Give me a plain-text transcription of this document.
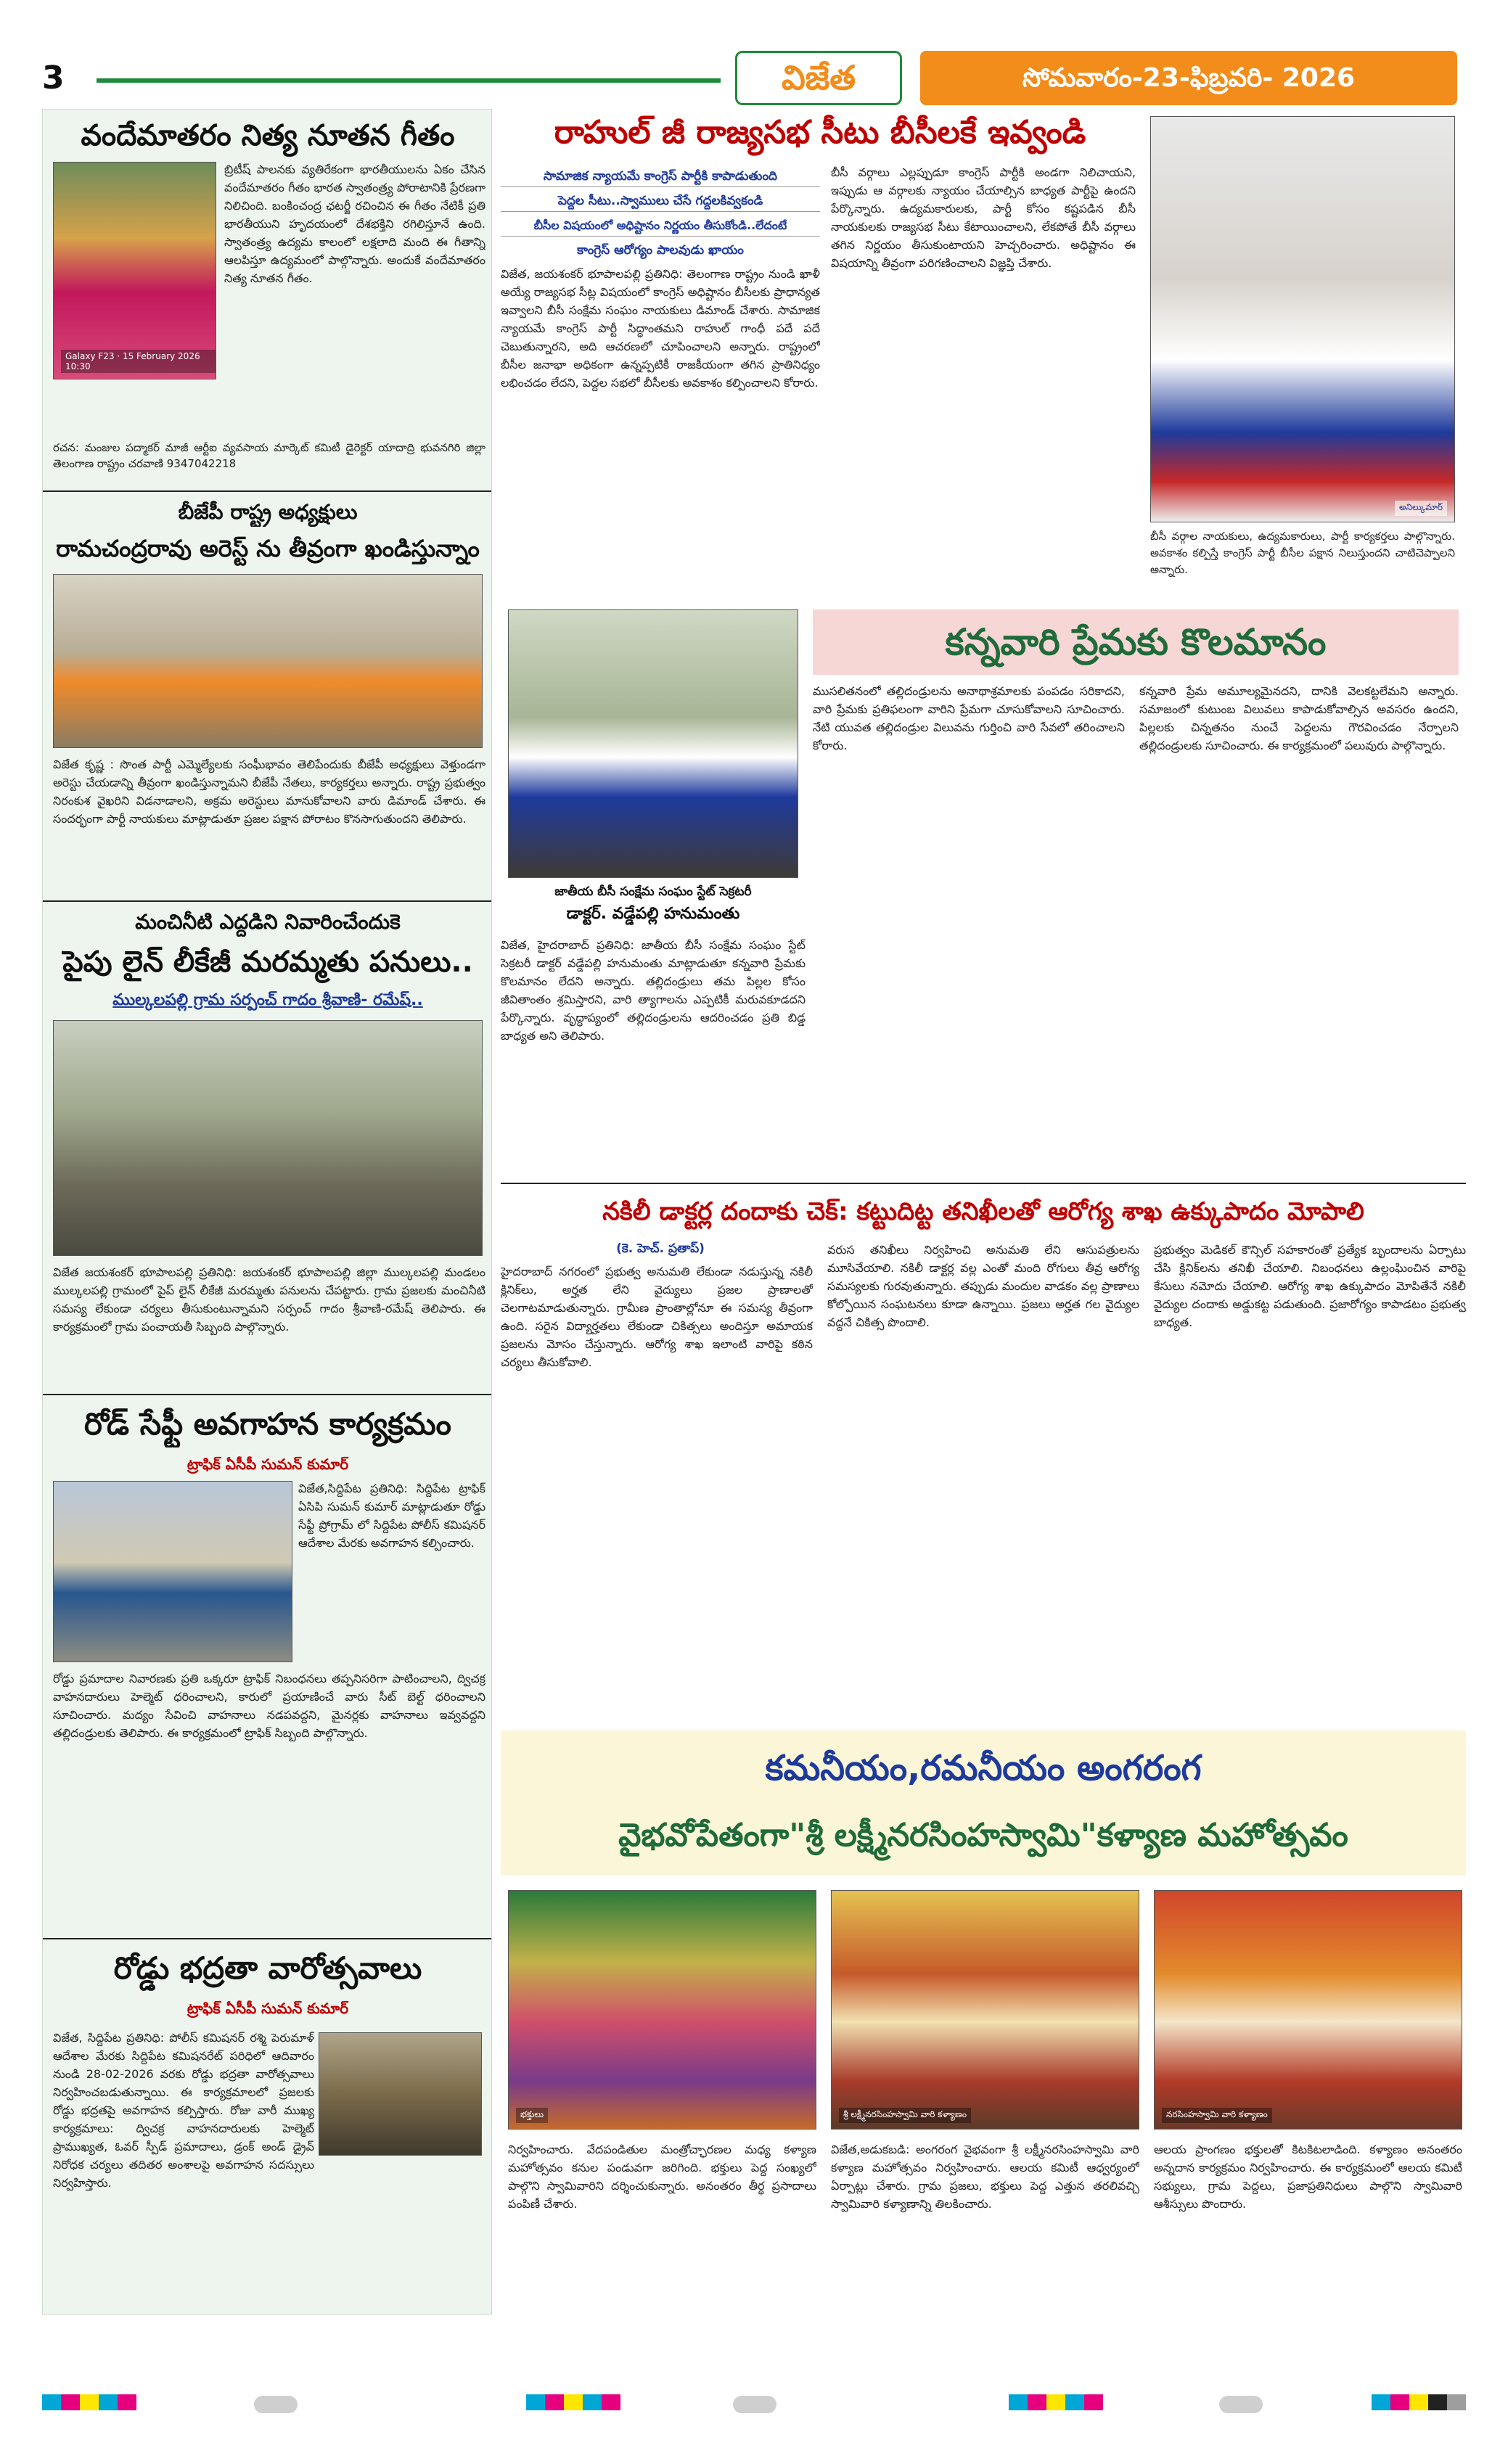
3	విజేత	సోమవారం-23-ఫిబ్రవరి- 2026
వందేమాతరం నిత్య నూతన గీతం
Galaxy F23 · 15 February 2026 10:30
బ్రిటీష్ పాలనకు వ్యతిరేకంగా భారతీయులను ఏకం చేసిన వందేమాతరం గీతం భారత స్వాతంత్ర్య పోరాటానికి ప్రేరణగా నిలిచింది. బంకించంద్ర ఛటర్జీ రచించిన ఈ గీతం నేటికీ ప్రతి భారతీయుని హృదయంలో దేశభక్తిని రగిలిస్తూనే ఉంది. స్వాతంత్ర్య ఉద్యమ కాలంలో లక్షలాది మంది ఈ గీతాన్ని ఆలపిస్తూ ఉద్యమంలో పాల్గొన్నారు. అందుకే వందేమాతరం నిత్య నూతన గీతం.
రచన: మంజుల పద్మాకర్ మాజీ ఆర్టీఐ వ్యవసాయ మార్కెట్ కమిటీ డైరెక్టర్ యాదాద్రి భువనగిరి జిల్లా తెలంగాణ రాష్ట్రం చరవాణి 9347042218
బీజేపీ రాష్ట్ర అధ్యక్షులు
రామచంద్రరావు అరెస్ట్ ను తీవ్రంగా ఖండిస్తున్నాం
విజేత కృష్ణ : సొంత పార్టీ ఎమ్మెల్యేలకు సంఘీభావం తెలిపేందుకు బీజేపీ అధ్యక్షులు వెళ్తుండగా అరెస్టు చేయడాన్ని తీవ్రంగా ఖండిస్తున్నామని బీజేపీ నేతలు, కార్యకర్తలు అన్నారు. రాష్ట్ర ప్రభుత్వం నిరంకుశ వైఖరిని విడనాడాలని, అక్రమ అరెస్టులు మానుకోవాలని వారు డిమాండ్ చేశారు. ఈ సందర్భంగా పార్టీ నాయకులు మాట్లాడుతూ ప్రజల పక్షాన పోరాటం కొనసాగుతుందని తెలిపారు.
మంచినీటి ఎద్దడిని నివారించేందుకె
పైపు లైన్ లీకేజీ మరమ్మతు పనులు..
ముల్కలపల్లి గ్రామ సర్పంచ్ గాదం శ్రీవాణి- రమేష్..
విజేత జయశంకర్ భూపాలపల్లి ప్రతినిధి: జయశంకర్ భూపాలపల్లి జిల్లా ముల్కలపల్లి మండలం ముల్కలపల్లి గ్రామంలో పైప్ లైన్ లీకేజీ మరమ్మతు పనులను చేపట్టారు. గ్రామ ప్రజలకు మంచినీటి సమస్య లేకుండా చర్యలు తీసుకుంటున్నామని సర్పంచ్ గాదం శ్రీవాణి-రమేష్ తెలిపారు. ఈ కార్యక్రమంలో గ్రామ పంచాయతీ సిబ్బంది పాల్గొన్నారు.
రోడ్ సేఫ్టీ అవగాహన కార్యక్రమం
ట్రాఫిక్ ఏసీపీ సుమన్ కుమార్
విజేత,సిద్దిపేట ప్రతినిధి: సిద్దిపేట ట్రాఫిక్ ఏసిపి సుమన్ కుమార్ మాట్లాడుతూ రోడ్డు సేఫ్టీ ప్రోగ్రామ్ లో సిద్దిపేట పోలీస్ కమిషనర్ ఆదేశాల మేరకు అవగాహన కల్పించారు.
రోడ్డు ప్రమాదాల నివారణకు ప్రతి ఒక్కరూ ట్రాఫిక్ నిబంధనలు తప్పనిసరిగా పాటించాలని, ద్విచక్ర వాహనదారులు హెల్మెట్ ధరించాలని, కారులో ప్రయాణించే వారు సీట్ బెల్ట్ ధరించాలని సూచించారు. మద్యం సేవించి వాహనాలు నడపవద్దని, మైనర్లకు వాహనాలు ఇవ్వవద్దని తల్లిదండ్రులకు తెలిపారు. ఈ కార్యక్రమంలో ట్రాఫిక్ సిబ్బంది పాల్గొన్నారు.
రోడ్డు భద్రతా వారోత్సవాలు
ట్రాఫిక్ ఏసీపీ సుమన్ కుమార్
విజేత, సిద్దిపేట ప్రతినిధి: పోలీస్ కమిషనర్ రశ్మి పెరుమాళ్ ఆదేశాల మేరకు సిద్దిపేట కమిషనరేట్ పరిధిలో ఆదివారం నుండి 28-02-2026 వరకు రోడ్డు భద్రతా వారోత్సవాలు నిర్వహించబడుతున్నాయి. ఈ కార్యక్రమాలలో ప్రజలకు రోడ్డు భద్రతపై అవగాహన కల్పిస్తారు. రోజు వారీ ముఖ్య కార్యక్రమాలు: ద్విచక్ర వాహనదారులకు హెల్మెట్ ప్రాముఖ్యత, ఓవర్ స్పీడ్ ప్రమాదాలు, డ్రంక్ అండ్ డ్రైవ్ నిరోధక చర్యలు తదితర అంశాలపై అవగాహన సదస్సులు నిర్వహిస్తారు.
రాహుల్ జీ రాజ్యసభ సీటు బీసీలకే ఇవ్వండి
సామాజిక న్యాయమే కాంగ్రెస్ పార్టీకి కాపాడుతుంది
పెద్దల సీటు..స్వాములు చేసే గద్దలకివ్వకండి
బీసీల విషయంలో అధిష్టానం నిర్ణయం తీసుకోండి..లేదంటే
కాంగ్రెస్ ఆరోగ్యం పాలవుడు ఖాయం
విజేత, జయశంకర్ భూపాలపల్లి ప్రతినిధి: తెలంగాణ రాష్ట్రం నుండి ఖాళీ అయ్యే రాజ్యసభ సీట్ల విషయంలో కాంగ్రెస్ అధిష్టానం బీసీలకు ప్రాధాన్యత ఇవ్వాలని బీసీ సంక్షేమ సంఘం నాయకులు డిమాండ్ చేశారు. సామాజిక న్యాయమే కాంగ్రెస్ పార్టీ సిద్ధాంతమని రాహుల్ గాంధీ పదే పదే చెబుతున్నారని, అది ఆచరణలో చూపించాలని అన్నారు. రాష్ట్రంలో బీసీల జనాభా అధికంగా ఉన్నప్పటికీ రాజకీయంగా తగిన ప్రాతినిధ్యం లభించడం లేదని, పెద్దల సభలో బీసీలకు అవకాశం కల్పించాలని కోరారు.
బీసీ వర్గాలు ఎల్లప్పుడూ కాంగ్రెస్ పార్టీకి అండగా నిలిచాయని, ఇప్పుడు ఆ వర్గాలకు న్యాయం చేయాల్సిన బాధ్యత పార్టీపై ఉందని పేర్కొన్నారు. ఉద్యమకారులకు, పార్టీ కోసం కష్టపడిన బీసీ నాయకులకు రాజ్యసభ సీటు కేటాయించాలని, లేకపోతే బీసీ వర్గాలు తగిన నిర్ణయం తీసుకుంటాయని హెచ్చరించారు. అధిష్టానం ఈ విషయాన్ని తీవ్రంగా పరిగణించాలని విజ్ఞప్తి చేశారు.
అనిల్కుమార్
బీసీ వర్గాల నాయకులు, ఉద్యమకారులు, పార్టీ కార్యకర్తలు పాల్గొన్నారు. అవకాశం కల్పిస్తే కాంగ్రెస్ పార్టీ బీసీల పక్షాన నిలుస్తుందని చాటిచెప్పాలని అన్నారు.
జాతీయ బీసీ సంక్షేమ సంఘం స్టేట్ సెక్రటరీ
డాక్టర్. వడ్డేపల్లి హనుమంతు
విజేత, హైదరాబాద్ ప్రతినిధి: జాతీయ బీసీ సంక్షేమ సంఘం స్టేట్ సెక్రటరీ డాక్టర్ వడ్డేపల్లి హనుమంతు మాట్లాడుతూ కన్నవారి ప్రేమకు కొలమానం లేదని అన్నారు. తల్లిదండ్రులు తమ పిల్లల కోసం జీవితాంతం శ్రమిస్తారని, వారి త్యాగాలను ఎప్పటికీ మరువకూడదని పేర్కొన్నారు. వృద్ధాప్యంలో తల్లిదండ్రులను ఆదరించడం ప్రతి బిడ్డ బాధ్యత అని తెలిపారు.
కన్నవారి ప్రేమకు కొలమానం
ముసలితనంలో తల్లిదండ్రులను అనాథాశ్రమాలకు పంపడం సరికాదని, వారి ప్రేమకు ప్రతిఫలంగా వారిని ప్రేమగా చూసుకోవాలని సూచించారు. నేటి యువత తల్లిదండ్రుల విలువను గుర్తించి వారి సేవలో తరించాలని కోరారు.
కన్నవారి ప్రేమ అమూల్యమైనదని, దానికి వెలకట్టలేమని అన్నారు. సమాజంలో కుటుంబ విలువలు కాపాడుకోవాల్సిన అవసరం ఉందని, పిల్లలకు చిన్నతనం నుంచే పెద్దలను గౌరవించడం నేర్పాలని తల్లిదండ్రులకు సూచించారు. ఈ కార్యక్రమంలో పలువురు పాల్గొన్నారు.
నకిలీ డాక్టర్ల దందాకు చెక్: కట్టుదిట్ట తనిఖీలతో ఆరోగ్య శాఖ ఉక్కుపాదం మోపాలి
(కె. హెచ్. ప్రతాప్)
హైదరాబాద్ నగరంలో ప్రభుత్వ అనుమతి లేకుండా నడుస్తున్న నకిలీ క్లినిక్‌లు, అర్హత లేని వైద్యులు ప్రజల ప్రాణాలతో చెలగాటమాడుతున్నారు. గ్రామీణ ప్రాంతాల్లోనూ ఈ సమస్య తీవ్రంగా ఉంది. సరైన విద్యార్హతలు లేకుండా చికిత్సలు అందిస్తూ అమాయక ప్రజలను మోసం చేస్తున్నారు. ఆరోగ్య శాఖ ఇలాంటి వారిపై కఠిన చర్యలు తీసుకోవాలి.
వరుస తనిఖీలు నిర్వహించి అనుమతి లేని ఆసుపత్రులను మూసివేయాలి. నకిలీ డాక్టర్ల వల్ల ఎంతో మంది రోగులు తీవ్ర ఆరోగ్య సమస్యలకు గురవుతున్నారు. తప్పుడు మందుల వాడకం వల్ల ప్రాణాలు కోల్పోయిన సంఘటనలు కూడా ఉన్నాయి. ప్రజలు అర్హత గల వైద్యుల వద్దనే చికిత్స పొందాలి.
ప్రభుత్వం మెడికల్ కౌన్సిల్ సహకారంతో ప్రత్యేక బృందాలను ఏర్పాటు చేసి క్లినిక్‌లను తనిఖీ చేయాలి. నిబంధనలు ఉల్లంఘించిన వారిపై కేసులు నమోదు చేయాలి. ఆరోగ్య శాఖ ఉక్కుపాదం మోపితేనే నకిలీ వైద్యుల దందాకు అడ్డుకట్ట పడుతుంది. ప్రజారోగ్యం కాపాడటం ప్రభుత్వ బాధ్యత.
కమనీయం,రమనీయం అంగరంగ
వైభవోపేతంగా"శ్రీ లక్ష్మీనరసింహస్వామి"కళ్యాణ మహోత్సవం
భక్తులు	శ్రీ లక్ష్మీనరసింహస్వామి వారి కళ్యాణం	నరసింహస్వామి వారి కళ్యాణం
నిర్వహించారు. వేదపండితుల మంత్రోచ్ఛారణల మధ్య కళ్యాణ మహోత్సవం కనుల పండువగా జరిగింది. భక్తులు పెద్ద సంఖ్యలో పాల్గొని స్వామివారిని దర్శించుకున్నారు. అనంతరం తీర్థ ప్రసాదాలు పంపిణీ చేశారు.
విజేత,అడుకబడి: అంగరంగ వైభవంగా శ్రీ లక్ష్మీనరసింహస్వామి వారి కళ్యాణ మహోత్సవం నిర్వహించారు. ఆలయ కమిటీ ఆధ్వర్యంలో ఏర్పాట్లు చేశారు. గ్రామ ప్రజలు, భక్తులు పెద్ద ఎత్తున తరలివచ్చి స్వామివారి కళ్యాణాన్ని తిలకించారు.
ఆలయ ప్రాంగణం భక్తులతో కిటకిటలాడింది. కళ్యాణం అనంతరం అన్నదాన కార్యక్రమం నిర్వహించారు. ఈ కార్యక్రమంలో ఆలయ కమిటీ సభ్యులు, గ్రామ పెద్దలు, ప్రజాప్రతినిధులు పాల్గొని స్వామివారి ఆశీస్సులు పొందారు.
